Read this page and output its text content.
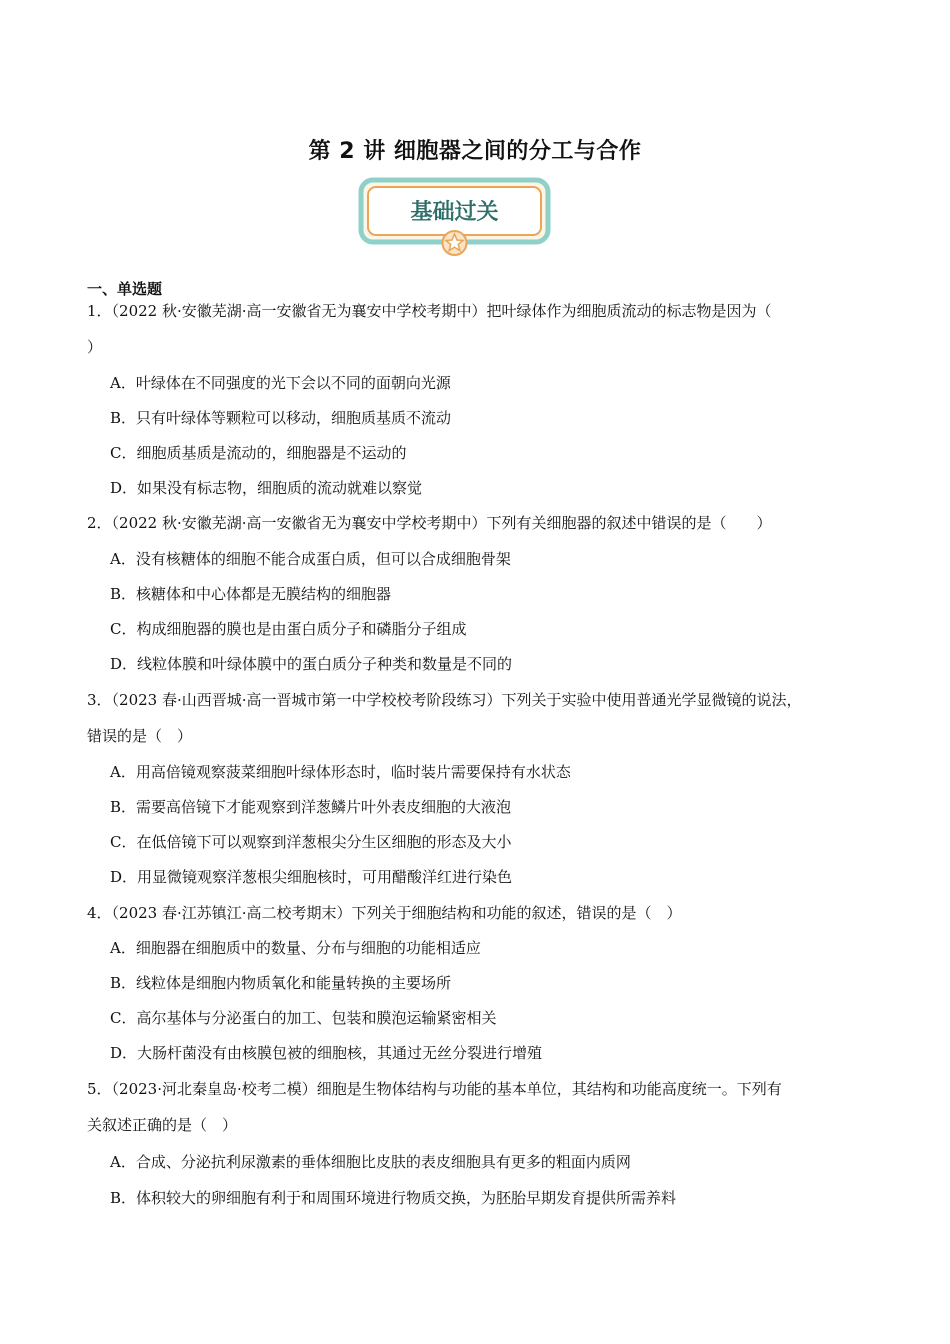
第 2 讲 细胞器之间的分工与合作
基础过关
一、单选题
1．（2022 秋·安徽芜湖·高一安徽省无为襄安中学校考期中）把叶绿体作为细胞质流动的标志物是因为（
）
A．叶绿体在不同强度的光下会以不同的面朝向光源
B．只有叶绿体等颗粒可以移动，细胞质基质不流动
C．细胞质基质是流动的，细胞器是不运动的
D．如果没有标志物，细胞质的流动就难以察觉
2．（2022 秋·安徽芜湖·高一安徽省无为襄安中学校考期中）下列有关细胞器的叙述中错误的是（　　）
A．没有核糖体的细胞不能合成蛋白质，但可以合成细胞骨架
B．核糖体和中心体都是无膜结构的细胞器
C．构成细胞器的膜也是由蛋白质分子和磷脂分子组成
D．线粒体膜和叶绿体膜中的蛋白质分子种类和数量是不同的
3．（2023 春·山西晋城·高一晋城市第一中学校校考阶段练习）下列关于实验中使用普通光学显微镜的说法，
错误的是（　）
A．用高倍镜观察菠菜细胞叶绿体形态时，临时装片需要保持有水状态
B．需要高倍镜下才能观察到洋葱鳞片叶外表皮细胞的大液泡
C．在低倍镜下可以观察到洋葱根尖分生区细胞的形态及大小
D．用显微镜观察洋葱根尖细胞核时，可用醋酸洋红进行染色
4．（2023 春·江苏镇江·高二校考期末）下列关于细胞结构和功能的叙述，错误的是（　）
A．细胞器在细胞质中的数量、分布与细胞的功能相适应
B．线粒体是细胞内物质氧化和能量转换的主要场所
C．高尔基体与分泌蛋白的加工、包装和膜泡运输紧密相关
D．大肠杆菌没有由核膜包被的细胞核，其通过无丝分裂进行增殖
5．（2023·河北秦皇岛·校考二模）细胞是生物体结构与功能的基本单位，其结构和功能高度统一。下列有
关叙述正确的是（　）
A．合成、分泌抗利尿激素的垂体细胞比皮肤的表皮细胞具有更多的粗面内质网
B．体积较大的卵细胞有利于和周围环境进行物质交换，为胚胎早期发育提供所需养料
